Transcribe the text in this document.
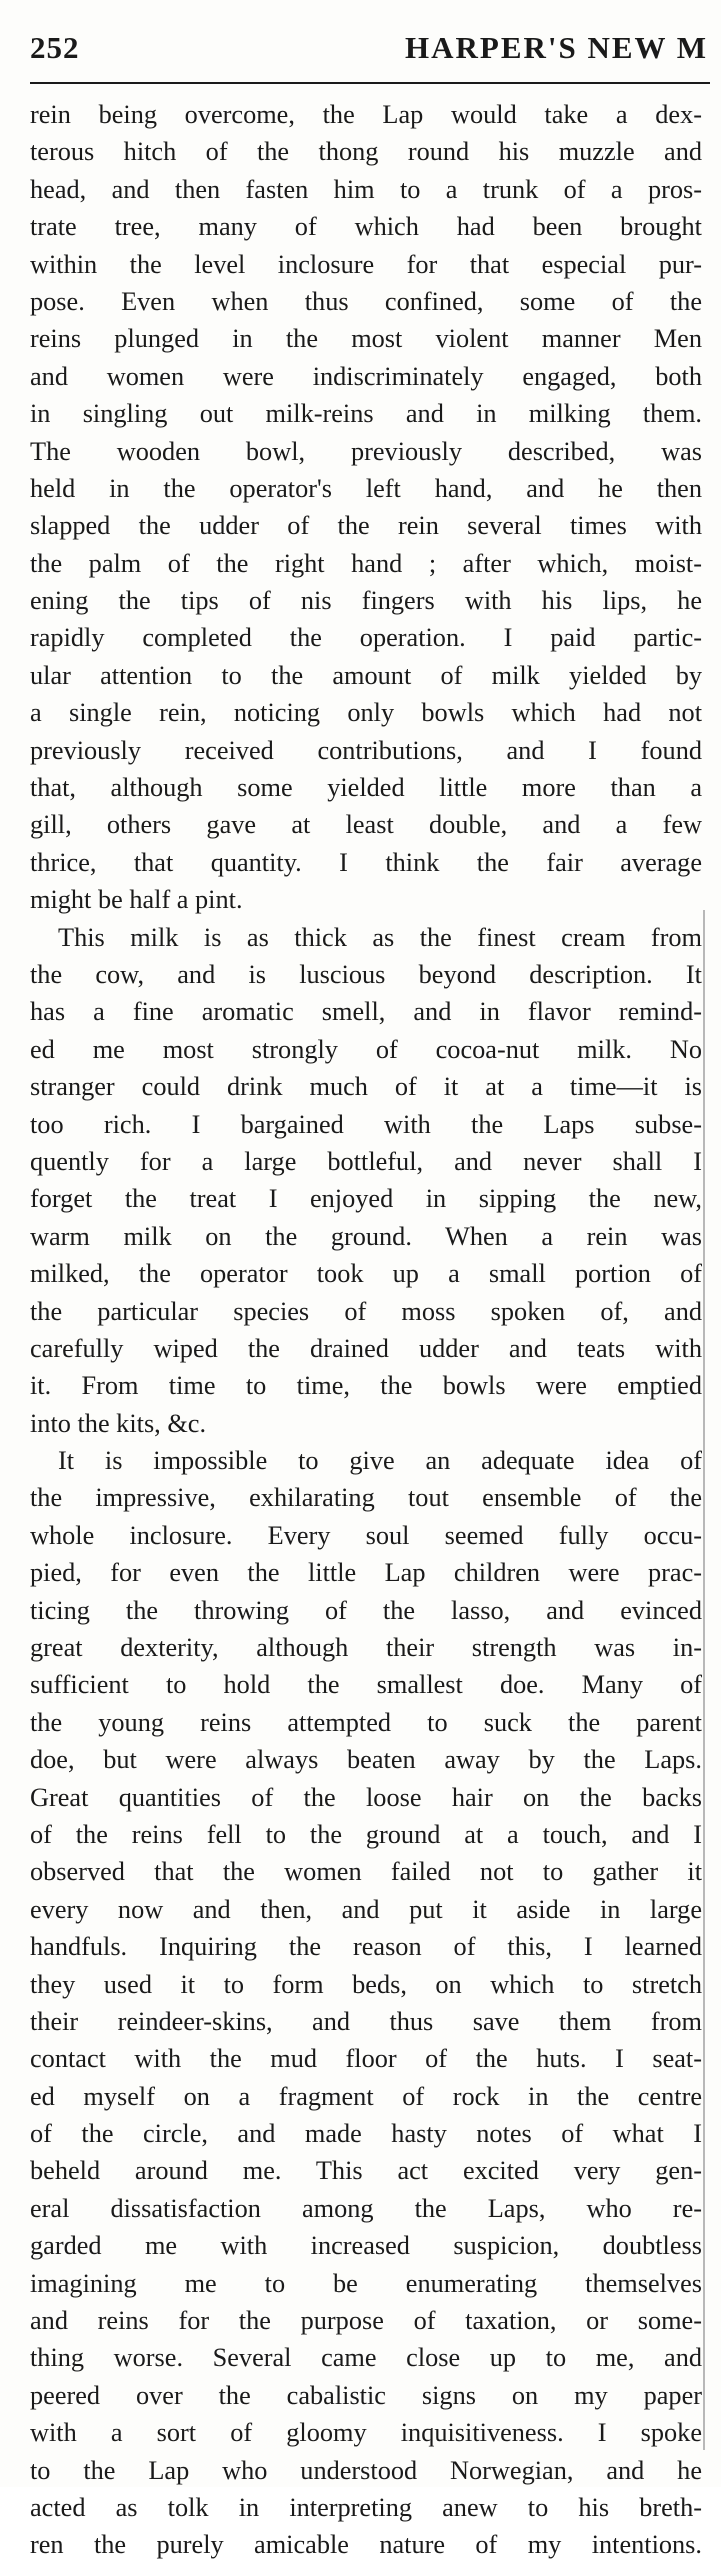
252	HARPER'S NEW M
rein being overcome, the Lap would take a dex-
terous hitch of the thong round his muzzle and
head, and then fasten him to a trunk of a pros-
trate tree, many of which had been brought
within the level inclosure for that especial pur-
pose. Even when thus confined, some of the
reins plunged in the most violent manner Men
and women were indiscriminately engaged, both
in singling out milk-reins and in milking them.
The wooden bowl, previously described, was
held in the operator's left hand, and he then
slapped the udder of the rein several times with
the palm of the right hand ; after which, moist-
ening the tips of nis fingers with his lips, he
rapidly completed the operation. I paid partic-
ular attention to the amount of milk yielded by
a single rein, noticing only bowls which had not
previously received contributions, and I found
that, although some yielded little more than a
gill, others gave at least double, and a few
thrice, that quantity. I think the fair average
might be half a pint.
This milk is as thick as the finest cream from
the cow, and is luscious beyond description. It
has a fine aromatic smell, and in flavor remind-
ed me most strongly of cocoa-nut milk. No
stranger could drink much of it at a time—it is
too rich. I bargained with the Laps subse-
quently for a large bottleful, and never shall I
forget the treat I enjoyed in sipping the new,
warm milk on the ground. When a rein was
milked, the operator took up a small portion of
the particular species of moss spoken of, and
carefully wiped the drained udder and teats with
it. From time to time, the bowls were emptied
into the kits, &c.
It is impossible to give an adequate idea of
the impressive, exhilarating tout ensemble of the
whole inclosure. Every soul seemed fully occu-
pied, for even the little Lap children were prac-
ticing the throwing of the lasso, and evinced
great dexterity, although their strength was in-
sufficient to hold the smallest doe. Many of
the young reins attempted to suck the parent
doe, but were always beaten away by the Laps.
Great quantities of the loose hair on the backs
of the reins fell to the ground at a touch, and I
observed that the women failed not to gather it
every now and then, and put it aside in large
handfuls. Inquiring the reason of this, I learned
they used it to form beds, on which to stretch
their reindeer-skins, and thus save them from
contact with the mud floor of the huts. I seat-
ed myself on a fragment of rock in the centre
of the circle, and made hasty notes of what I
beheld around me. This act excited very gen-
eral dissatisfaction among the Laps, who re-
garded me with increased suspicion, doubtless
imagining me to be enumerating themselves
and reins for the purpose of taxation, or some-
thing worse. Several came close up to me, and
peered over the cabalistic signs on my paper
with a sort of gloomy inquisitiveness. I spoke
to the Lap who understood Norwegian, and he
acted as tolk in interpreting anew to his breth-
ren the purely amicable nature of my intentions.
